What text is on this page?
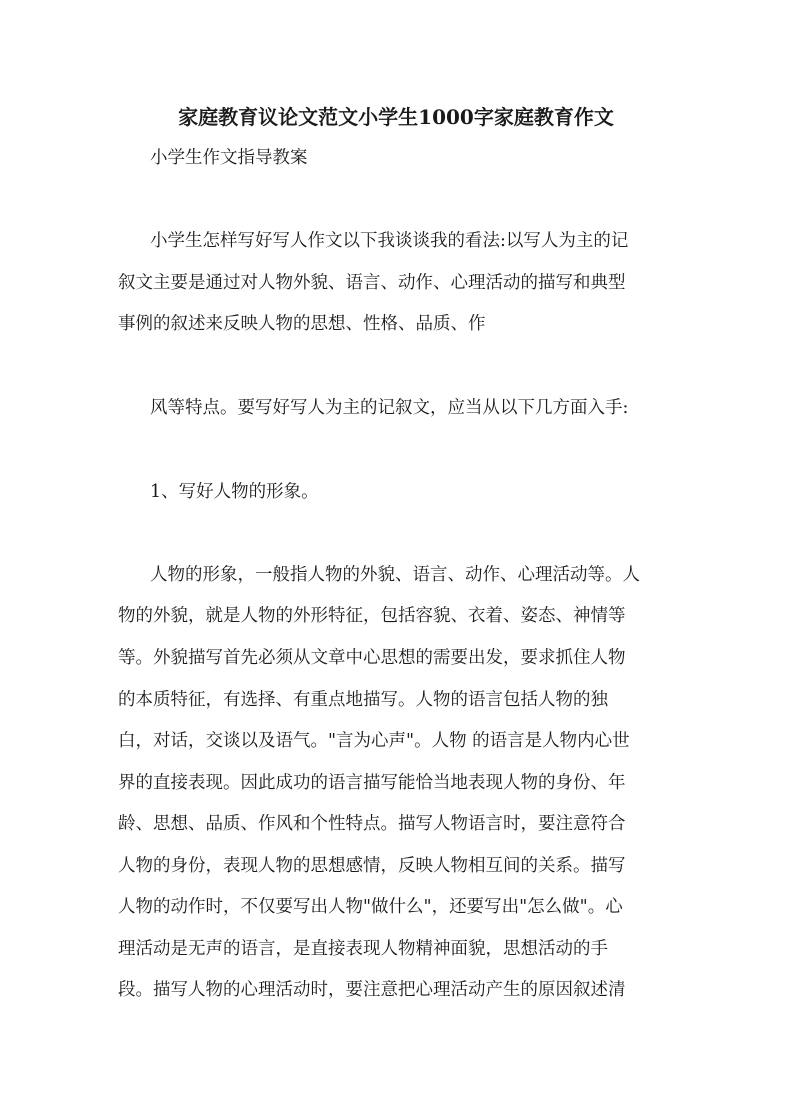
家庭教育议论文范文小学生1000字家庭教育作文
小学生作文指导教案
小学生怎样写好写人作文以下我谈谈我的看法:以写人为主的记
叙文主要是通过对人物外貌、语言、动作、心理活动的描写和典型
事例的叙述来反映人物的思想、性格、品质、作
风等特点。要写好写人为主的记叙文，应当从以下几方面入手:
1、写好人物的形象。
人物的形象，一般指人物的外貌、语言、动作、心理活动等。人
物的外貌，就是人物的外形特征，包括容貌、衣着、姿态、神情等
等。外貌描写首先必须从文章中心思想的需要出发，要求抓住人物
的本质特征，有选择、有重点地描写。人物的语言包括人物的独
白，对话，交谈以及语气。"言为心声"。人物 的语言是人物内心世
界的直接表现。因此成功的语言描写能恰当地表现人物的身份、年
龄、思想、品质、作风和个性特点。描写人物语言时，要注意符合
人物的身份，表现人物的思想感情，反映人物相互间的关系。描写
人物的动作时，不仅要写出人物"做什么"，还要写出"怎么做"。心
理活动是无声的语言，是直接表现人物精神面貌，思想活动的手
段。描写人物的心理活动时，要注意把心理活动产生的原因叙述清
